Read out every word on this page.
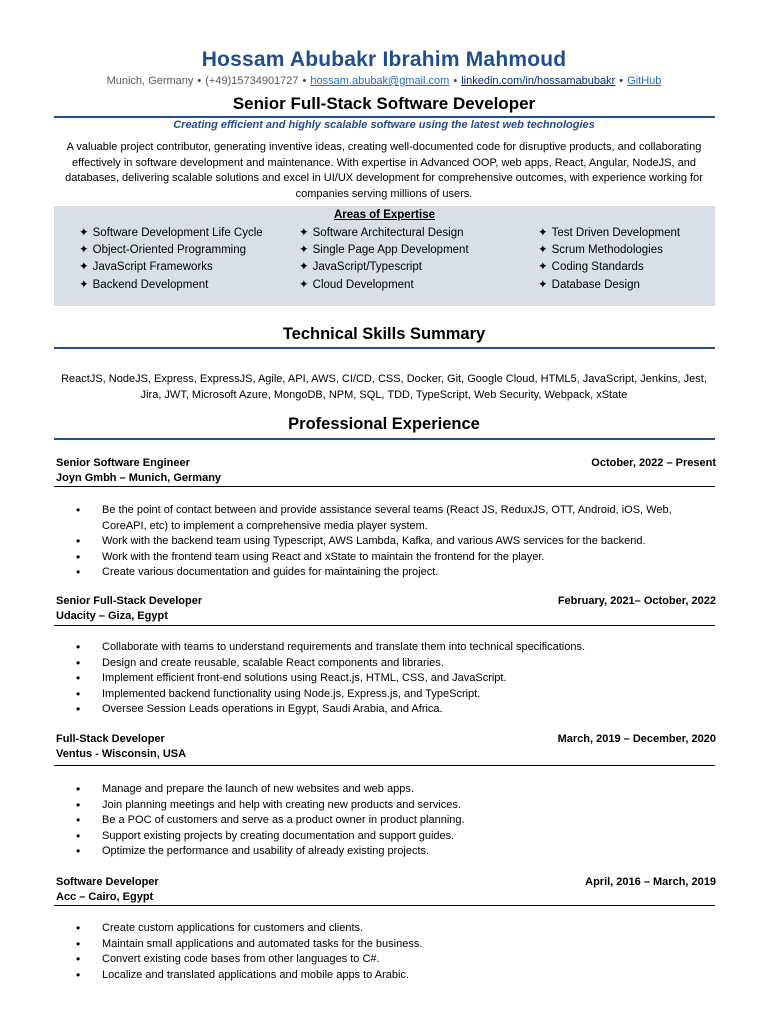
Hossam Abubakr Ibrahim Mahmoud
Munich, Germany • (+49)15734901727 • hossam.abubak@gmail.com • linkedin.com/in/hossamabubakr • GitHub
Senior Full-Stack Software Developer
Creating efficient and highly scalable software using the latest web technologies
A valuable project contributor, generating inventive ideas, creating well-documented code for disruptive products, and collaborating effectively in software development and maintenance. With expertise in Advanced OOP, web apps, React, Angular, NodeJS, and databases, delivering scalable solutions and excel in UI/UX development for comprehensive outcomes, with experience working for companies serving millions of users.
Areas of Expertise
✦ Software Development Life Cycle
✦ Object-Oriented Programming
✦ JavaScript Frameworks
✦ Backend Development
✦ Software Architectural Design
✦ Single Page App Development
✦ JavaScript/Typescript
✦ Cloud Development
✦ Test Driven Development
✦ Scrum Methodologies
✦ Coding Standards
✦ Database Design
Technical Skills Summary
ReactJS, NodeJS, Express, ExpressJS, Agile, API, AWS, CI/CD, CSS, Docker, Git, Google Cloud, HTML5, JavaScript, Jenkins, Jest, Jira, JWT, Microsoft Azure, MongoDB, NPM, SQL, TDD, TypeScript, Web Security, Webpack, xState
Professional Experience
Senior Software Engineer
Joyn Gmbh – Munich, Germany
October, 2022 – Present
• Be the point of contact between and provide assistance several teams (React JS, ReduxJS, OTT, Android, iOS, Web, CoreAPI, etc) to implement a comprehensive media player system.
• Work with the backend team using Typescript, AWS Lambda, Kafka, and various AWS services for the backend.
• Work with the frontend team using React and xState to maintain the frontend for the player.
• Create various documentation and guides for maintaining the project.
Senior Full-Stack Developer
Udacity – Giza, Egypt
February, 2021– October, 2022
• Collaborate with teams to understand requirements and translate them into technical specifications.
• Design and create reusable, scalable React components and libraries.
• Implement efficient front-end solutions using React.js, HTML, CSS, and JavaScript.
• Implemented backend functionality using Node.js, Express.js, and TypeScript.
• Oversee Session Leads operations in Egypt, Saudi Arabia, and Africa.
Full-Stack Developer
Ventus - Wisconsin, USA
March, 2019 – December, 2020
• Manage and prepare the launch of new websites and web apps.
• Join planning meetings and help with creating new products and services.
• Be a POC of customers and serve as a product owner in product planning.
• Support existing projects by creating documentation and support guides.
• Optimize the performance and usability of already existing projects.
Software Developer
Acc – Cairo, Egypt
April, 2016 – March, 2019
• Create custom applications for customers and clients.
• Maintain small applications and automated tasks for the business.
• Convert existing code bases from other languages to C#.
• Localize and translated applications and mobile apps to Arabic.
